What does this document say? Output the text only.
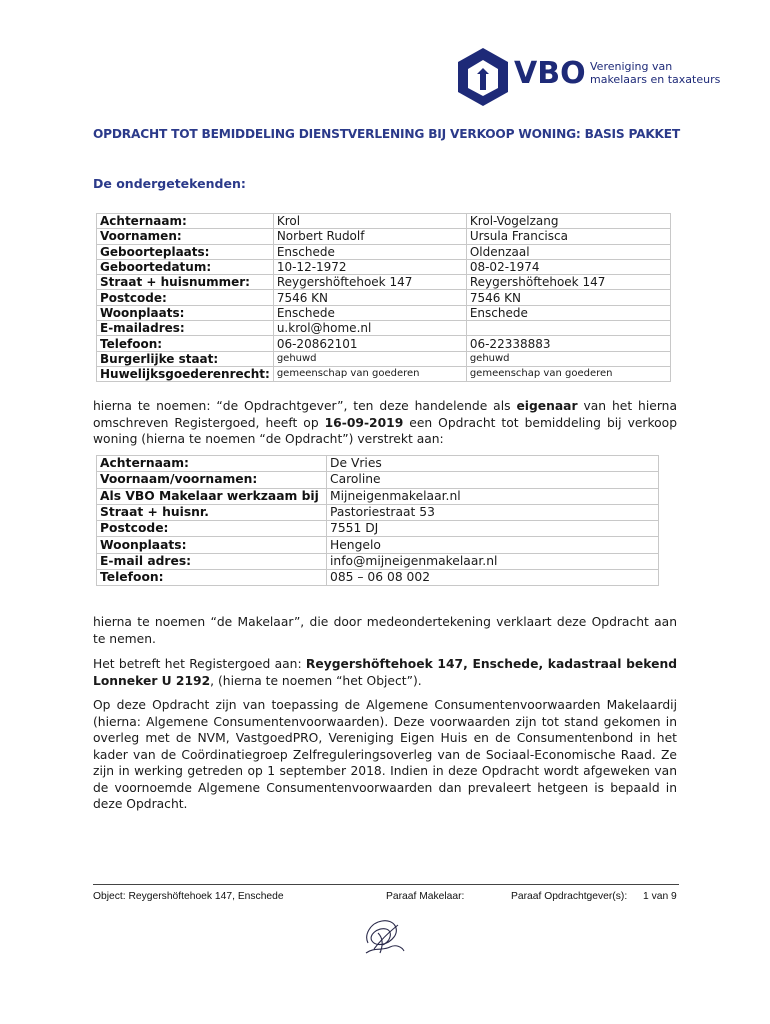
VBO Vereniging van
makelaars en taxateurs
OPDRACHT TOT BEMIDDELING DIENSTVERLENING BIJ VERKOOP WONING: BASIS PAKKET
De ondergetekenden:
Achternaam:	Krol	Krol-Vogelzang
Voornamen:	Norbert Rudolf	Ursula Francisca
Geboorteplaats:	Enschede	Oldenzaal
Geboortedatum:	10-12-1972	08-02-1974
Straat + huisnummer:	Reygershöftehoek 147	Reygershöftehoek 147
Postcode:	7546 KN	7546 KN
Woonplaats:	Enschede	Enschede
E-mailadres:	u.krol@home.nl	
Telefoon:	06-20862101	06-22338883
Burgerlijke staat:	gehuwd	gehuwd
Huwelijksgoederenrecht:	gemeenschap van goederen	gemeenschap van goederen
hierna te noemen: “de Opdrachtgever”, ten deze handelende als eigenaar van het hierna omschreven Registergoed, heeft op 16-09-2019 een Opdracht tot bemiddeling bij verkoop woning (hierna te noemen “de Opdracht”) verstrekt aan:
Achternaam:	De Vries
Voornaam/voornamen:	Caroline
Als VBO Makelaar werkzaam bij	Mijneigenmakelaar.nl
Straat + huisnr.	Pastoriestraat 53
Postcode:	7551 DJ
Woonplaats:	Hengelo
E-mail adres:	info@mijneigenmakelaar.nl
Telefoon:	085 – 06 08 002
hierna te noemen “de Makelaar”, die door medeondertekening verklaart deze Opdracht aan te nemen.
Het betreft het Registergoed aan: Reygershöftehoek 147, Enschede, kadastraal bekend Lonneker U 2192, (hierna te noemen “het Object”).
Op deze Opdracht zijn van toepassing de Algemene Consumentenvoorwaarden Makelaardij (hierna: Algemene Consumentenvoorwaarden). Deze voorwaarden zijn tot stand gekomen in overleg met de NVM, VastgoedPRO, Vereniging Eigen Huis en de Consumentenbond in het kader van de Coördinatiegroep Zelfreguleringsoverleg van de Sociaal-Economische Raad. Ze zijn in werking getreden op 1 september 2018. Indien in deze Opdracht wordt afgeweken van de voornoemde Algemene Consumentenvoorwaarden dan prevaleert hetgeen is bepaald in deze Opdracht.
Object: Reygershöftehoek 147, Enschede	Paraaf Makelaar:	Paraaf Opdrachtgever(s): 1 van 9
